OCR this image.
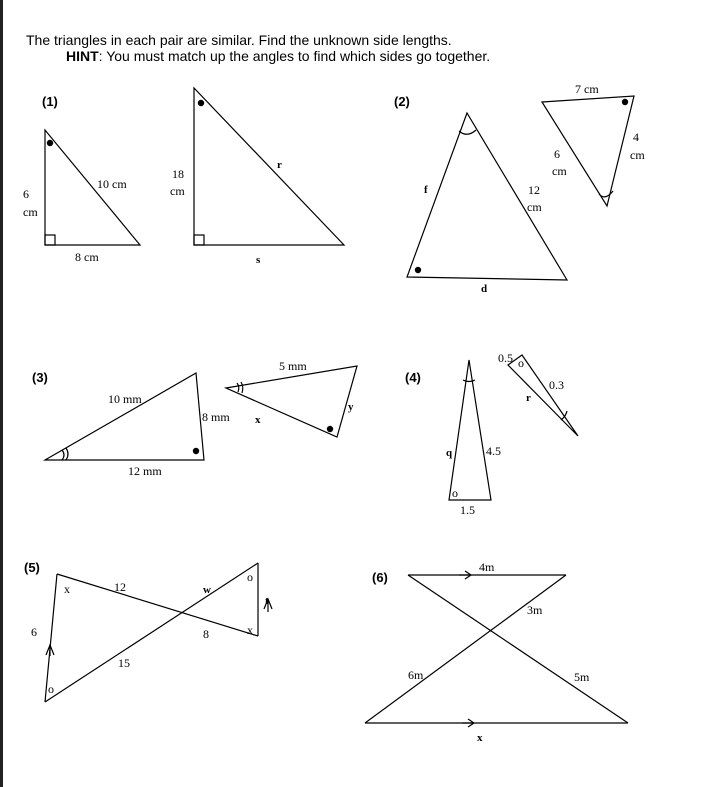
The triangles in each pair are similar. Find the unknown side lengths.
HINT: You must match up the angles to find which sides go together.
(1)
6
cm
10 cm
8 cm
18
cm
r
s
(2)
f	12
cm
d
7 cm
6
cm
4
cm
(3)
10 mm
8 mm
12 mm
5 mm
x
y
(4)
o
q	4.5
1.5
0.5 o
0.3
r
(5)
x	12	w
o
t
6	8	x
15
o
(6)
4m
3m
6m	5m
x
